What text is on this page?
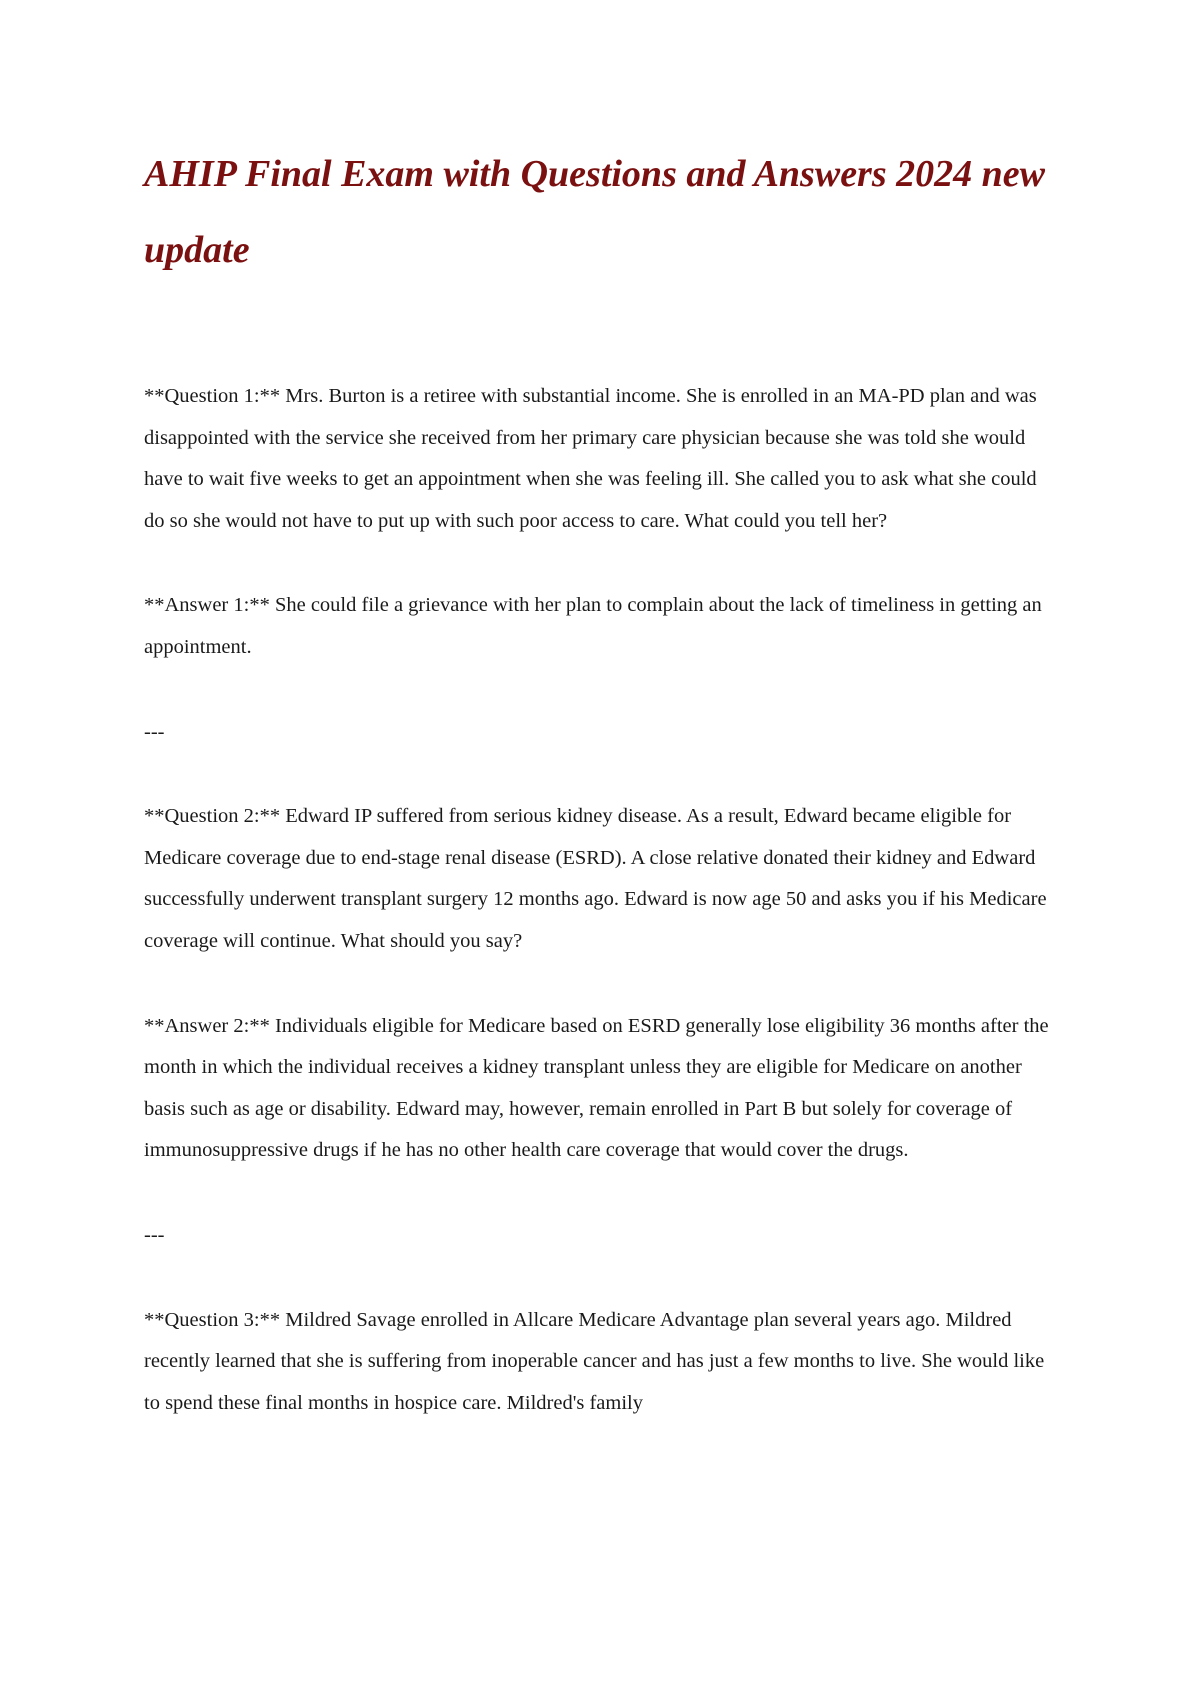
AHIP Final Exam with Questions and Answers 2024 new update

**Question 1:** Mrs. Burton is a retiree with substantial income. She is enrolled in an MA-PD plan and was disappointed with the service she received from her primary care physician because she was told she would have to wait five weeks to get an appointment when she was feeling ill. She called you to ask what she could do so she would not have to put up with such poor access to care. What could you tell her?

**Answer 1:** She could file a grievance with her plan to complain about the lack of timeliness in getting an appointment.

---

**Question 2:** Edward IP suffered from serious kidney disease. As a result, Edward became eligible for Medicare coverage due to end-stage renal disease (ESRD). A close relative donated their kidney and Edward successfully underwent transplant surgery 12 months ago. Edward is now age 50 and asks you if his Medicare coverage will continue. What should you say?

**Answer 2:** Individuals eligible for Medicare based on ESRD generally lose eligibility 36 months after the month in which the individual receives a kidney transplant unless they are eligible for Medicare on another basis such as age or disability. Edward may, however, remain enrolled in Part B but solely for coverage of immunosuppressive drugs if he has no other health care coverage that would cover the drugs.

---

**Question 3:** Mildred Savage enrolled in Allcare Medicare Advantage plan several years ago. Mildred recently learned that she is suffering from inoperable cancer and has just a few months to live. She would like to spend these final months in hospice care. Mildred's family
